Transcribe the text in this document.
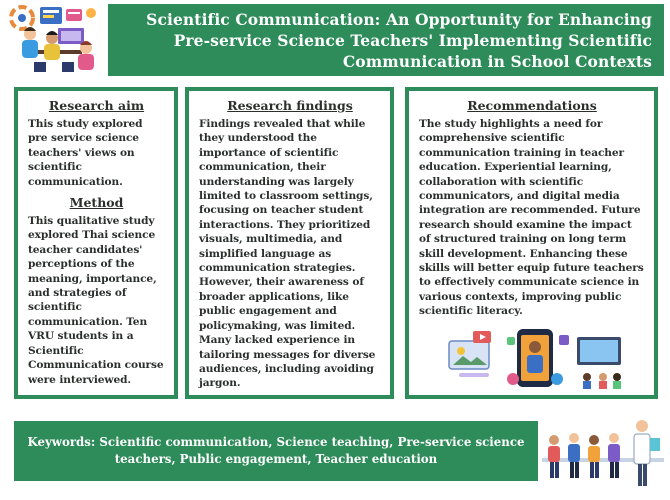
Scientific Communication: An Opportunity for Enhancing Pre-service Science Teachers' Implementing Scientific Communication in School Contexts
Research aim

This study explored pre service science teachers' views on scientific communication.

Method

This qualitative study explored Thai science teacher candidates' perceptions of the meaning, importance, and strategies of scientific communication. Ten VRU students in a Scientific Communication course were interviewed.

Research findings

Findings revealed that while they understood the importance of scientific communication, their understanding was largely limited to classroom settings, focusing on teacher student interactions. They prioritized visuals, multimedia, and simplified language as communication strategies. However, their awareness of broader applications, like public engagement and policymaking, was limited. Many lacked experience in tailoring messages for diverse audiences, including avoiding jargon.

Recommendations

The study highlights a need for comprehensive scientific communication training in teacher education. Experiential learning, collaboration with scientific communicators, and digital media integration are recommended. Future research should examine the impact of structured training on long term skill development. Enhancing these skills will better equip future teachers to effectively communicate science in various contexts, improving public scientific literacy.

Keywords: Scientific communication, Science teaching, Pre-service science teachers, Public engagement, Teacher education
